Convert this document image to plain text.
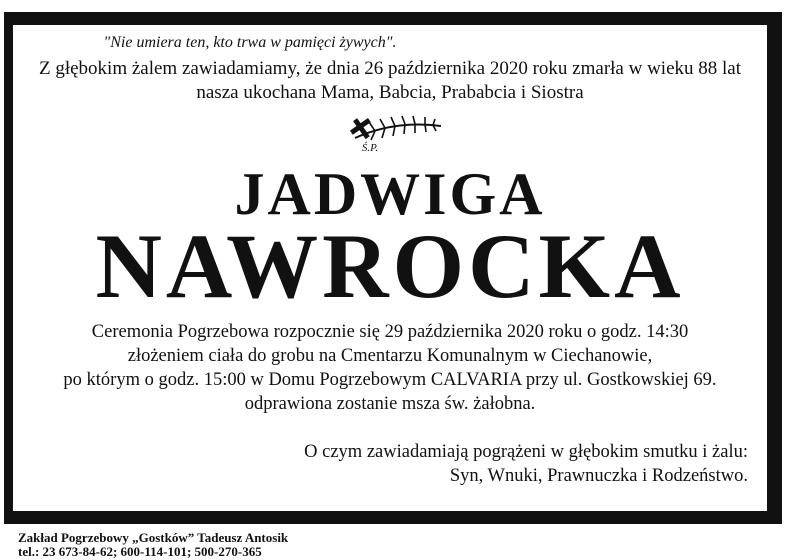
"Nie umiera ten, kto trwa w pamięci żywych".

Z głębokim żalem zawiadamiamy, że dnia 26 października 2020 roku zmarła w wieku 88 lat

nasza ukochana Mama, Babcia, Prababcia i Siostra

Ś.P.

JADWIGA

NAWROCKA

Ceremonia Pogrzebowa rozpocznie się 29 października 2020 roku o godz. 14:30

złożeniem ciała do grobu na Cmentarzu Komunalnym w Ciechanowie,

po którym o godz. 15:00 w Domu Pogrzebowym CALVARIA przy ul. Gostkowskiej 69.

odprawiona zostanie msza św. żałobna.

O czym zawiadamiają pogrążeni w głębokim smutku i żalu:

Syn, Wnuki, Prawnuczka i Rodzeństwo.

Zakład Pogrzebowy „Gostków” Tadeusz Antosik

tel.: 23 673-84-62; 600-114-101; 500-270-365
